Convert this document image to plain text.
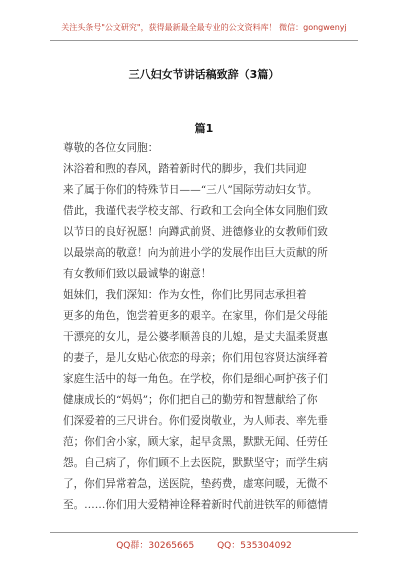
关注头条号"公文研究"，获得最新最全最专业的公文资料库！ 微信：gongwenyj
三八妇女节讲话稿致辞（3篇）
篇1
尊敬的各位女同胞：
沐浴着和煦的春风，踏着新时代的脚步，我们共同迎
来了属于你们的特殊节日——“三八”国际劳动妇女节。
借此，我谨代表学校支部、行政和工会向全体女同胞们致
以节日的良好祝愿！向蹲武前贤、进德修业的女教师们致
以最崇高的敬意！向为前进小学的发展作出巨大贡献的所
有女教师们致以最诚挚的谢意！
姐妹们，我们深知：作为女性，你们比男同志承担着
更多的角色，饱尝着更多的艰辛。在家里，你们是父母能
干漂亮的女儿，是公婆孝顺善良的儿媳，是丈夫温柔贤惠
的妻子，是儿女贴心依恋的母亲；你们用包容贤达演绎着
家庭生活中的每一角色。在学校，你们是细心呵护孩子们
健康成长的“妈妈”；你们把自己的勤劳和智慧献给了你
们深爱着的三尺讲台。你们爱岗敬业，为人师表、率先垂
范；你们舍小家，顾大家，起早贪黑，默默无闻、任劳任
怨。自己病了，你们顾不上去医院，默默坚守；而学生病
了，你们异常着急，送医院，垫药费，虚寒问暖，无微不
至。……你们用大爱精神诠释着新时代前进铁军的师德情
QQ群：30265665	QQ：535304092
